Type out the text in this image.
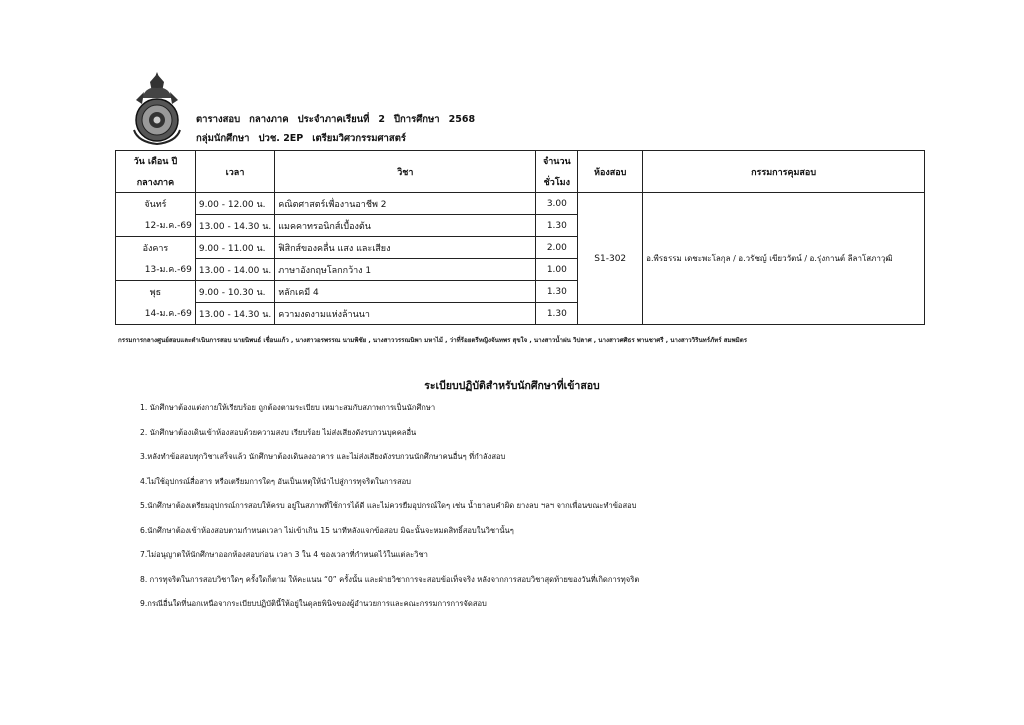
ตารางสอบ กลางภาค ประจำภาคเรียนที่ 2 ปีการศึกษา 2568
กลุ่มนักศึกษา ปวช. 2EP เตรียมวิศวกรรมศาสตร์
วัน เดือน ปี	เวลา	วิชา	จำนวน	ห้องสอบ	กรรมการคุมสอบ
กลางภาค			ชั่วโมง		
จันทร์	9.00 - 12.00 น.	คณิตศาสตร์เพื่องานอาชีพ 2	3.00	S1-302	อ.พีรธรรม เดชะพะโลกุล / อ.วรัชญ์ เขียววัตน์ / อ.รุ่งกานต์ ลีลาโสภาวุฒิ
12-ม.ค.-69	13.00 - 14.30 น.	แมคคาทรอนิกส์เบื้องต้น	1.30		
อังคาร	9.00 - 11.00 น.	ฟิสิกส์ของคลื่น แสง และเสียง	2.00		
13-ม.ค.-69	13.00 - 14.00 น.	ภาษาอังกฤษโลกกว้าง 1	1.00		
พุธ	9.00 - 10.30 น.	หลักเคมี 4	1.30		
14-ม.ค.-69	13.00 - 14.30 น.	ความงดงามแห่งล้านนา	1.30		
กรรมการกลางศูนย์สอบและดำเนินการสอบ นายนิพนธ์ เชื่อนแก้ว , นางสาวอรพรรณ นามพิชัย , นางสาววรรณนิพา มหาไม้ , ว่าที่ร้อยตรีหญิงจันทพร สุขใจ , นางสาวน้ำฝน วิปลาศ , นางสาวศศิธร พานชาศรี , นางสาววิรินทร์ภัทร์ สมพมิตร
ระเบียบปฏิบัติสำหรับนักศึกษาที่เข้าสอบ
1. นักศึกษาต้องแต่งกายให้เรียบร้อย ถูกต้องตามระเบียบ เหมาะสมกับสภาพการเป็นนักศึกษา
2. นักศึกษาต้องเดินเข้าห้องสอบด้วยความสงบ เรียบร้อย ไม่ส่งเสียงดังรบกวนบุคคลอื่น
3.หลังทำข้อสอบทุกวิชาเสร็จแล้ว นักศึกษาต้องเดินลงอาคาร และไม่ส่งเสียงดังรบกวนนักศึกษาคนอื่นๆ ที่กำลังสอบ
4.ไม่ใช้อุปกรณ์สื่อสาร หรือเตรียมการใดๆ อันเป็นเหตุให้นำไปสู่การทุจริตในการสอบ
5.นักศึกษาต้องเตรียมอุปกรณ์การสอบให้ครบ อยู่ในสภาพที่ใช้การได้ดี และไม่ควรยืมอุปกรณ์ใดๆ เช่น น้ำยาลบคำผิด ยางลบ ฯลฯ จากเพื่อนขณะทำข้อสอบ
6.นักศึกษาต้องเข้าห้องสอบตามกำหนดเวลา ไม่เข้าเกิน 15 นาทีหลังแจกข้อสอบ มิฉะนั้นจะหมดสิทธิ์สอบในวิชานั้นๆ
7.ไม่อนุญาตให้นักศึกษาออกห้องสอบก่อน เวลา 3 ใน 4 ของเวลาที่กำหนดไว้ในแต่ละวิชา
8. การทุจริตในการสอบวิชาใดๆ ครั้งใดก็ตาม ให้คะแนน “0” ครั้งนั้น และฝ่ายวิชาการจะสอบข้อเท็จจริง หลังจากการสอบวิชาสุดท้ายของวันที่เกิดการทุจริต
9.กรณีอื่นใดที่นอกเหนือจากระเบียบปฏิบัตินี้ให้อยู่ในดุลยพินิจของผู้อำนวยการและคณะกรรมการการจัดสอบ
